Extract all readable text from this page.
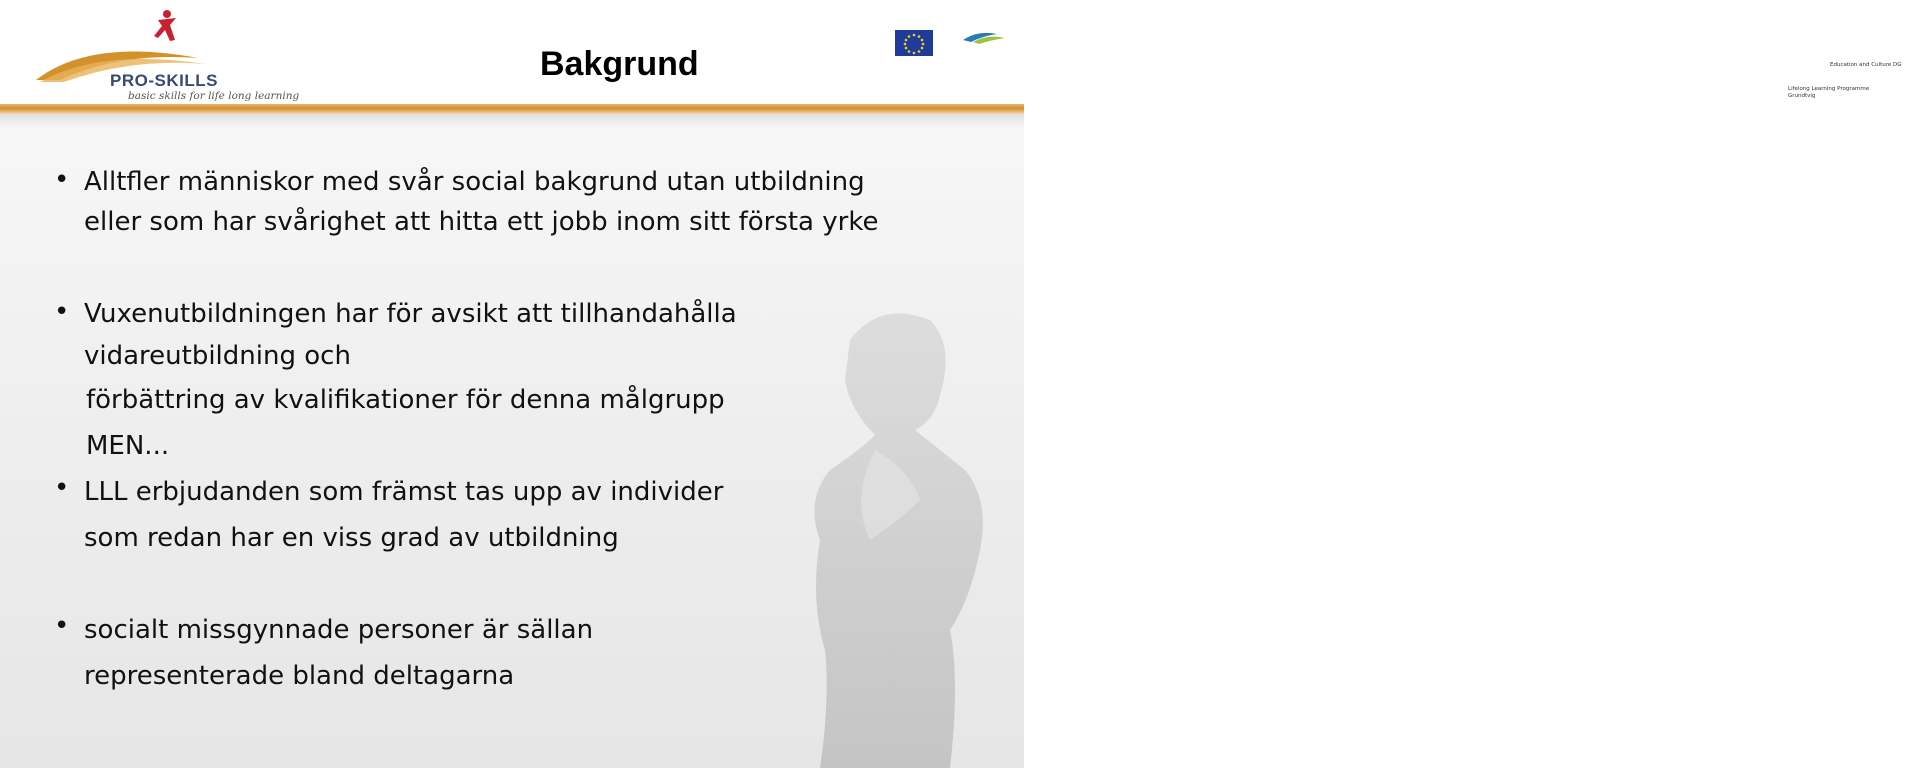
PRO-SKILLS
basic skills for life long learning
Bakgrund	Education and Culture DG
Lifelong Learning Programme
Grundtvig
• Alltfler människor med svår social bakgrund utan utbildning
eller som har svårighet att hitta ett jobb inom sitt första yrke
• Vuxenutbildningen har för avsikt att tillhandahålla
vidareutbildning och
förbättring av kvalifikationer för denna målgrupp
MEN...
• LLL erbjudanden som främst tas upp av individer
som redan har en viss grad av utbildning
• socialt missgynnade personer är sällan
representerade bland deltagarna
